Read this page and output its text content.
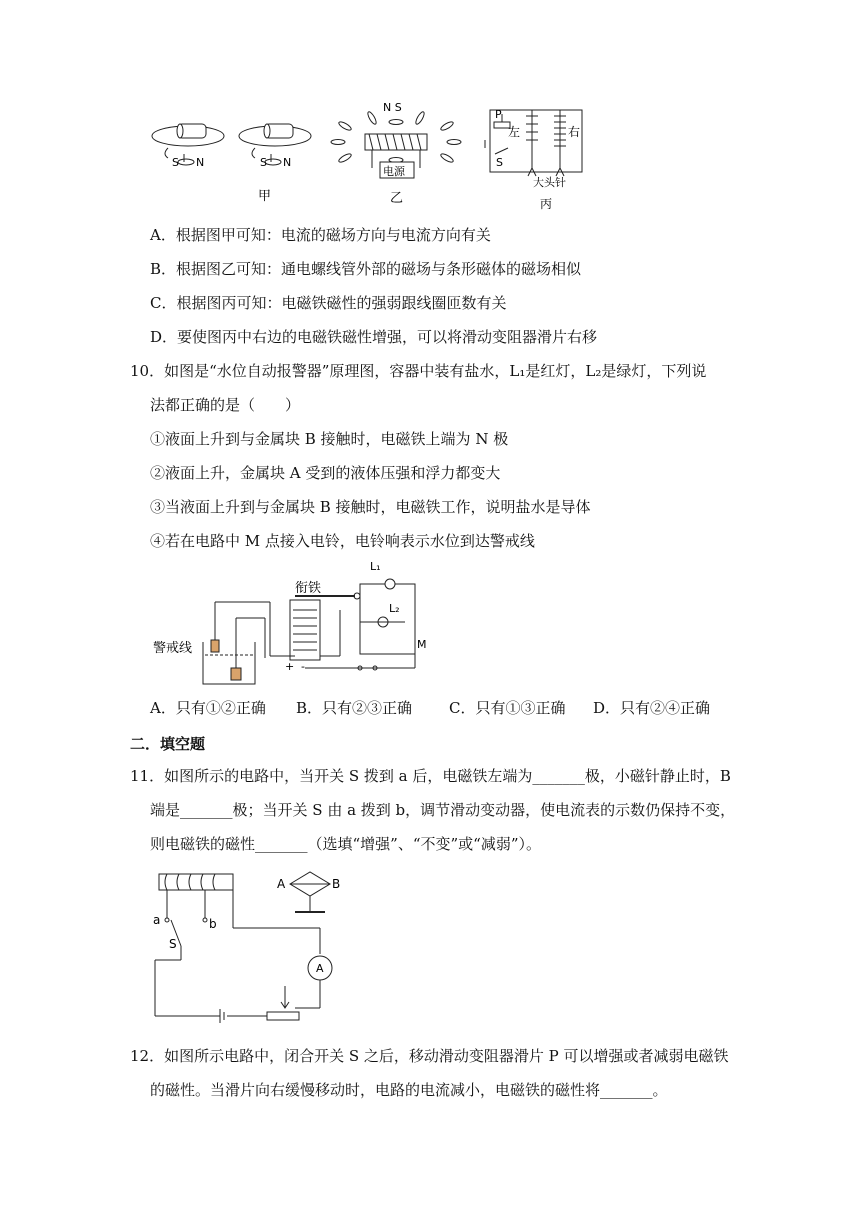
S N	S N
甲
N S
电源
乙
P
左	右
S
大头针
丙
A．根据图甲可知：电流的磁场方向与电流方向有关
B．根据图乙可知：通电螺线管外部的磁场与条形磁体的磁场相似
C．根据图丙可知：电磁铁磁性的强弱跟线圈匝数有关
D．要使图丙中右边的电磁铁磁性增强，可以将滑动变阻器滑片右移
10．如图是“水位自动报警器”原理图，容器中装有盐水，L₁是红灯，L₂是绿灯，下列说
法都正确的是（　　）
①液面上升到与金属块 B 接触时，电磁铁上端为 N 极
②液面上升，金属块 A 受到的液体压强和浮力都变大
③当液面上升到与金属块 B 接触时，电磁铁工作，说明盐水是导体
④若在电路中 M 点接入电铃，电铃响表示水位到达警戒线
衔铁
L₁
L₂
M
警戒线
+ -
A．只有①②正确 B．只有②③正确 C．只有①③正确 D．只有②④正确
二．填空题
11．如图所示的电路中，当开关 S 拨到 a 后，电磁铁左端为_______极，小磁针静止时，B
端是_______极；当开关 S 由 a 拨到 b，调节滑动变动器，使电流表的示数仍保持不变，
则电磁铁的磁性_______（选填“增强”、“不变”或“减弱”）。
a	b
S
A	B
A
12．如图所示电路中，闭合开关 S 之后，移动滑动变阻器滑片 P 可以增强或者减弱电磁铁
的磁性。当滑片向右缓慢移动时，电路的电流减小，电磁铁的磁性将_______。
